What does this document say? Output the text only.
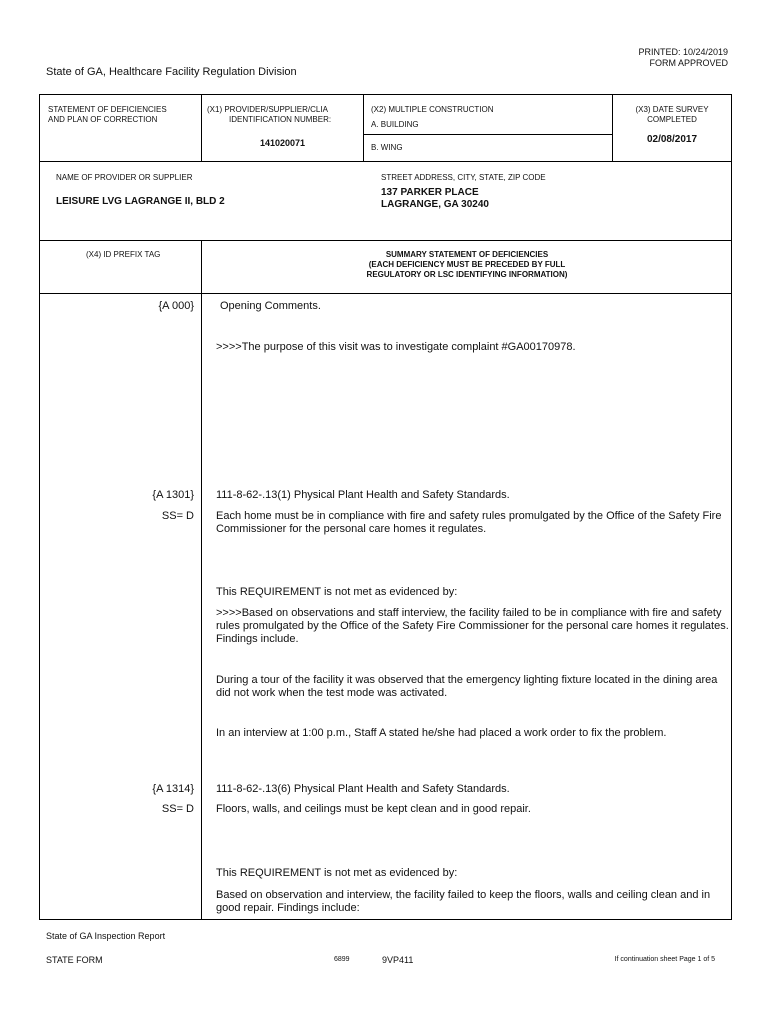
PRINTED: 10/24/2019
FORM APPROVED
State of GA, Healthcare Facility Regulation Division
STATEMENT OF DEFICIENCIES
AND PLAN OF CORRECTION
(X1) PROVIDER/SUPPLIER/CLIA
IDENTIFICATION NUMBER:
141020071
(X2) MULTIPLE CONSTRUCTION
A. BUILDING
B. WING
(X3) DATE SURVEY
COMPLETED
02/08/2017
NAME OF PROVIDER OR SUPPLIER
LEISURE LVG LAGRANGE II, BLD 2
STREET ADDRESS, CITY, STATE, ZIP CODE
137 PARKER PLACE
LAGRANGE, GA 30240
(X4) ID PREFIX TAG	SUMMARY STATEMENT OF DEFICIENCIES
(EACH DEFICIENCY MUST BE PRECEDED BY FULL
REGULATORY OR LSC IDENTIFYING INFORMATION)
{A 000} Opening Comments.
>>>>The purpose of this visit was to investigate complaint #GA00170978.
{A 1301}
SS= D
111-8-62-.13(1) Physical Plant Health and Safety Standards.
Each home must be in compliance with fire and safety rules promulgated by the Office of the Safety Fire Commissioner for the personal care homes it regulates.
This REQUIREMENT is not met as evidenced by:
>>>>Based on observations and staff interview, the facility failed to be in compliance with fire and safety rules promulgated by the Office of the Safety Fire Commissioner for the personal care homes it regulates. Findings include.
During a tour of the facility it was observed that the emergency lighting fixture located in the dining area did not work when the test mode was activated.
In an interview at 1:00 p.m., Staff A stated he/she had placed a work order to fix the problem.
{A 1314}
SS= D
111-8-62-.13(6) Physical Plant Health and Safety Standards.
Floors, walls, and ceilings must be kept clean and in good repair.
This REQUIREMENT is not met as evidenced by:
Based on observation and interview, the facility failed to keep the floors, walls and ceiling clean and in good repair. Findings include:
State of GA Inspection Report
STATE FORM	6899	9VP411	If continuation sheet Page 1 of 5
